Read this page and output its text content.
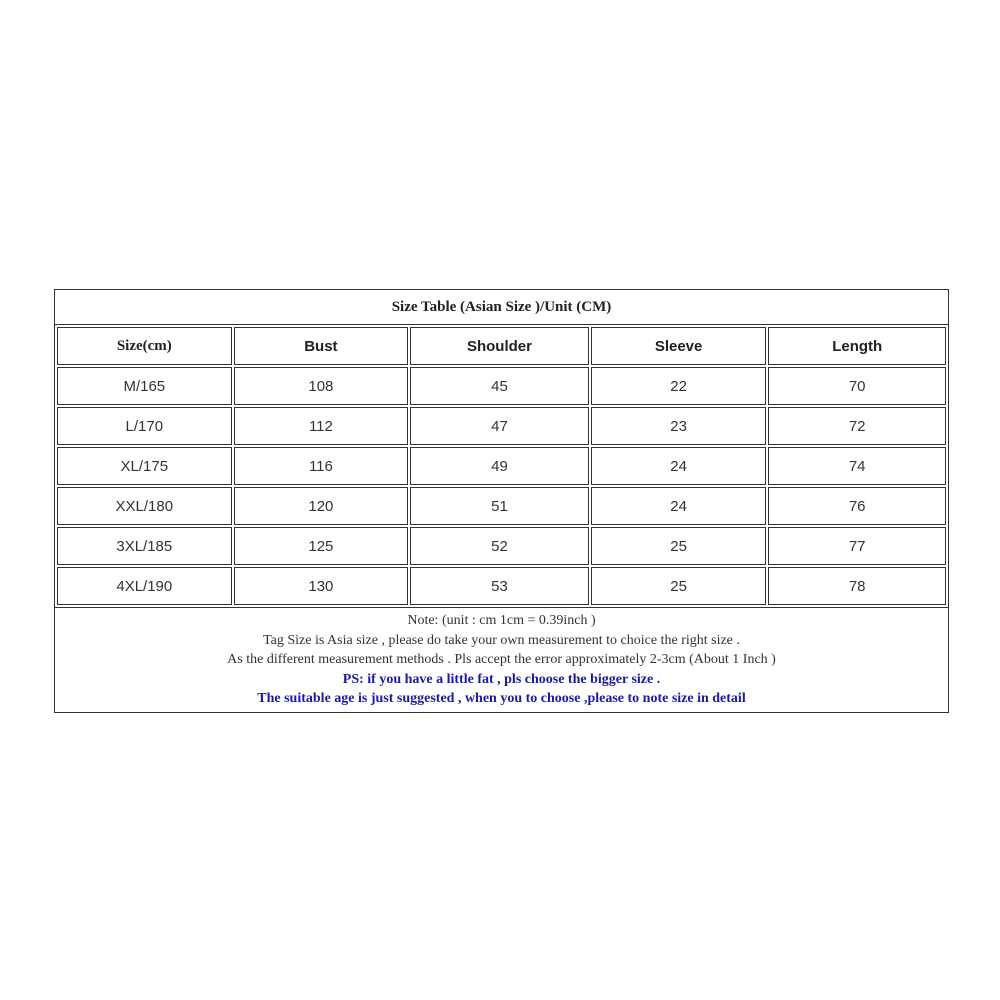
Size Table (Asian Size )/Unit (CM)
Size(cm)	Bust	Shoulder	Sleeve	Length
M/165	108	45	22	70
L/170	112	47	23	72
XL/175	116	49	24	74
XXL/180	120	51	24	76
3XL/185	125	52	25	77
4XL/190	130	53	25	78
Note: (unit : cm 1cm = 0.39inch )
Tag Size is Asia size , please do take your own measurement to choice the right size .
As the different measurement methods . Pls accept the error approximately 2-3cm (About 1 Inch )
PS: if you have a little fat , pls choose the bigger size .
The suitable age is just suggested , when you to choose ,please to note size in detail
